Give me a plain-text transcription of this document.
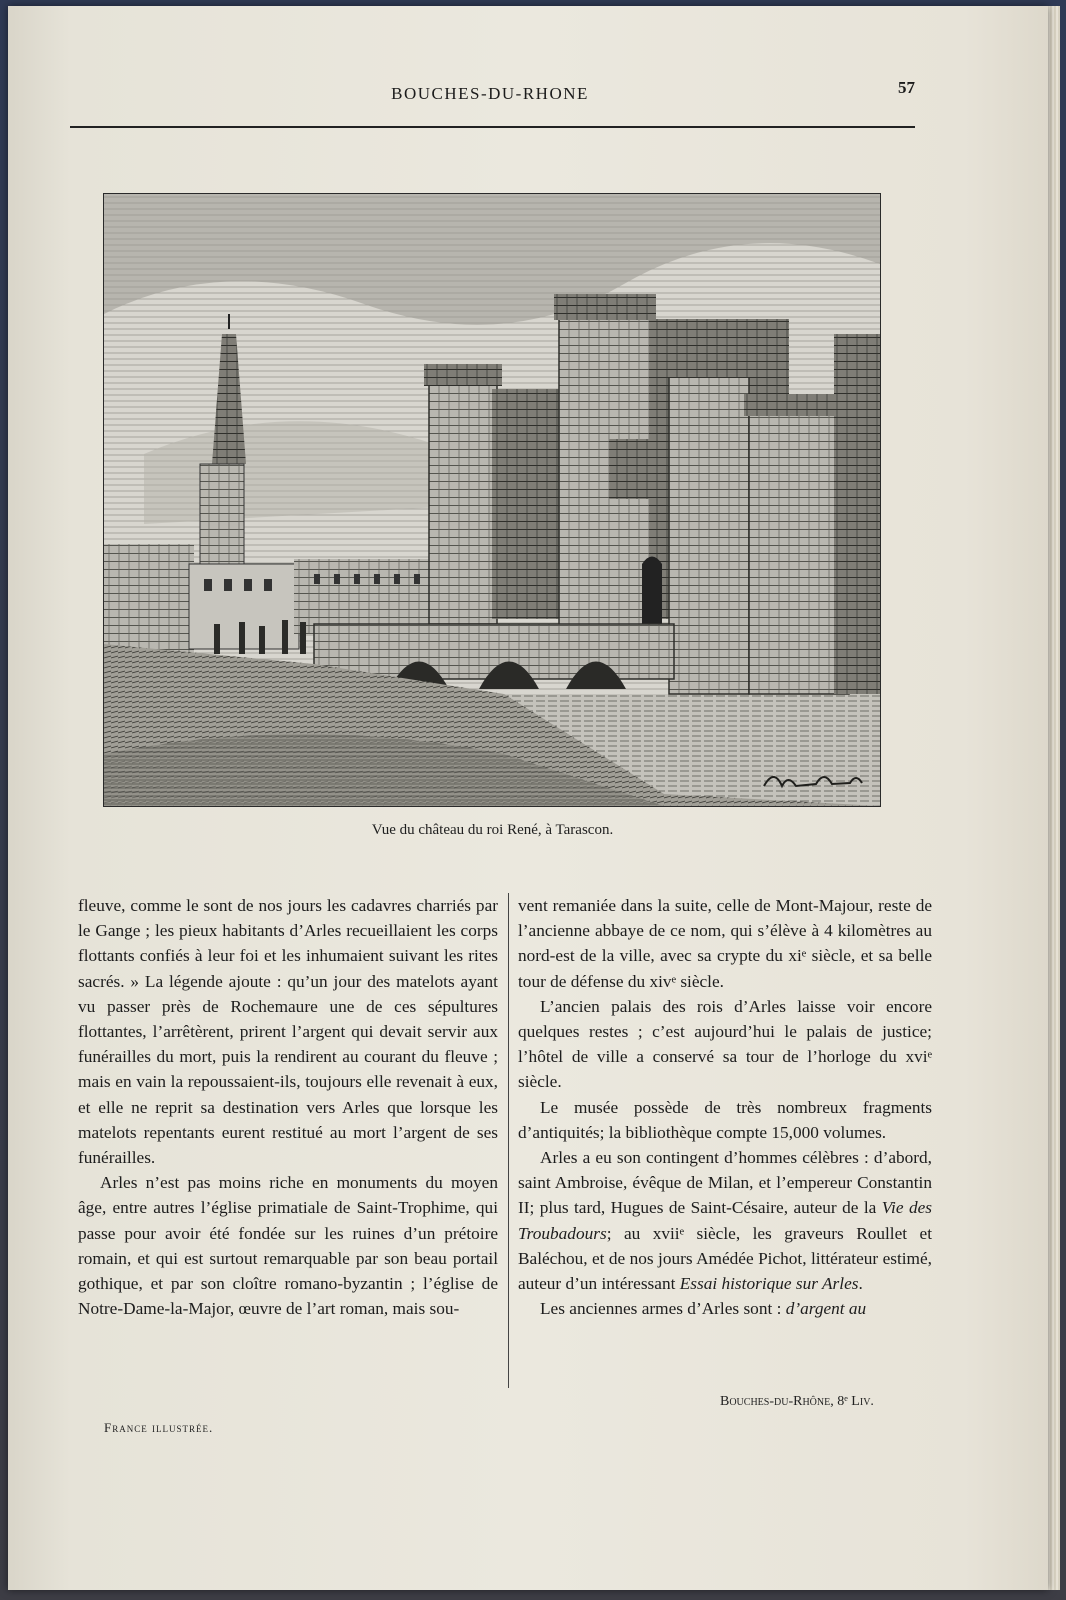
BOUCHES-DU-RHONE	57
Vue du château du roi René, à Tarascon.

fleuve, comme le sont de nos jours les cadavres charriés par le Gange ; les pieux habitants d’Arles recueillaient les corps flottants confiés à leur foi et les inhumaient suivant les rites sacrés. » La légende ajoute : qu’un jour des matelots ayant vu passer près de Rochemaure une de ces sépultures flottantes, l’arrêtèrent, prirent l’argent qui devait servir aux funérailles du mort, puis la rendirent au courant du fleuve ; mais en vain la repoussaient-ils, toujours elle revenait à eux, et elle ne reprit sa destination vers Arles que lorsque les matelots repentants eurent restitué au mort l’argent de ses funérailles.

Arles n’est pas moins riche en monuments du moyen âge, entre autres l’église primatiale de Saint-Trophime, qui passe pour avoir été fondée sur les ruines d’un prétoire romain, et qui est surtout remarquable par son beau portail gothique, et par son cloître romano-byzantin ; l’église de Notre-Dame-la-Major, œuvre de l’art roman, mais sou-

vent remaniée dans la suite, celle de Mont-Majour, reste de l’ancienne abbaye de ce nom, qui s’élève à 4 kilomètres au nord-est de la ville, avec sa crypte du xiᵉ siècle, et sa belle tour de défense du xivᵉ siècle.

L’ancien palais des rois d’Arles laisse voir encore quelques restes ; c’est aujourd’hui le palais de justice; l’hôtel de ville a conservé sa tour de l’horloge du xviᵉ siècle.

Le musée possède de très nombreux fragments d’antiquités; la bibliothèque compte 15,000 volumes.

Arles a eu son contingent d’hommes célèbres : d’abord, saint Ambroise, évêque de Milan, et l’empereur Constantin II; plus tard, Hugues de Saint-Césaire, auteur de la Vie des Troubadours; au xviiᵉ siècle, les graveurs Roullet et Baléchou, et de nos jours Amédée Pichot, littérateur estimé, auteur d’un intéressant Essai historique sur Arles.

Les anciennes armes d’Arles sont : d’argent au

Bouches-du-Rhône, 8ᵉ Liv.
France illustrée.
